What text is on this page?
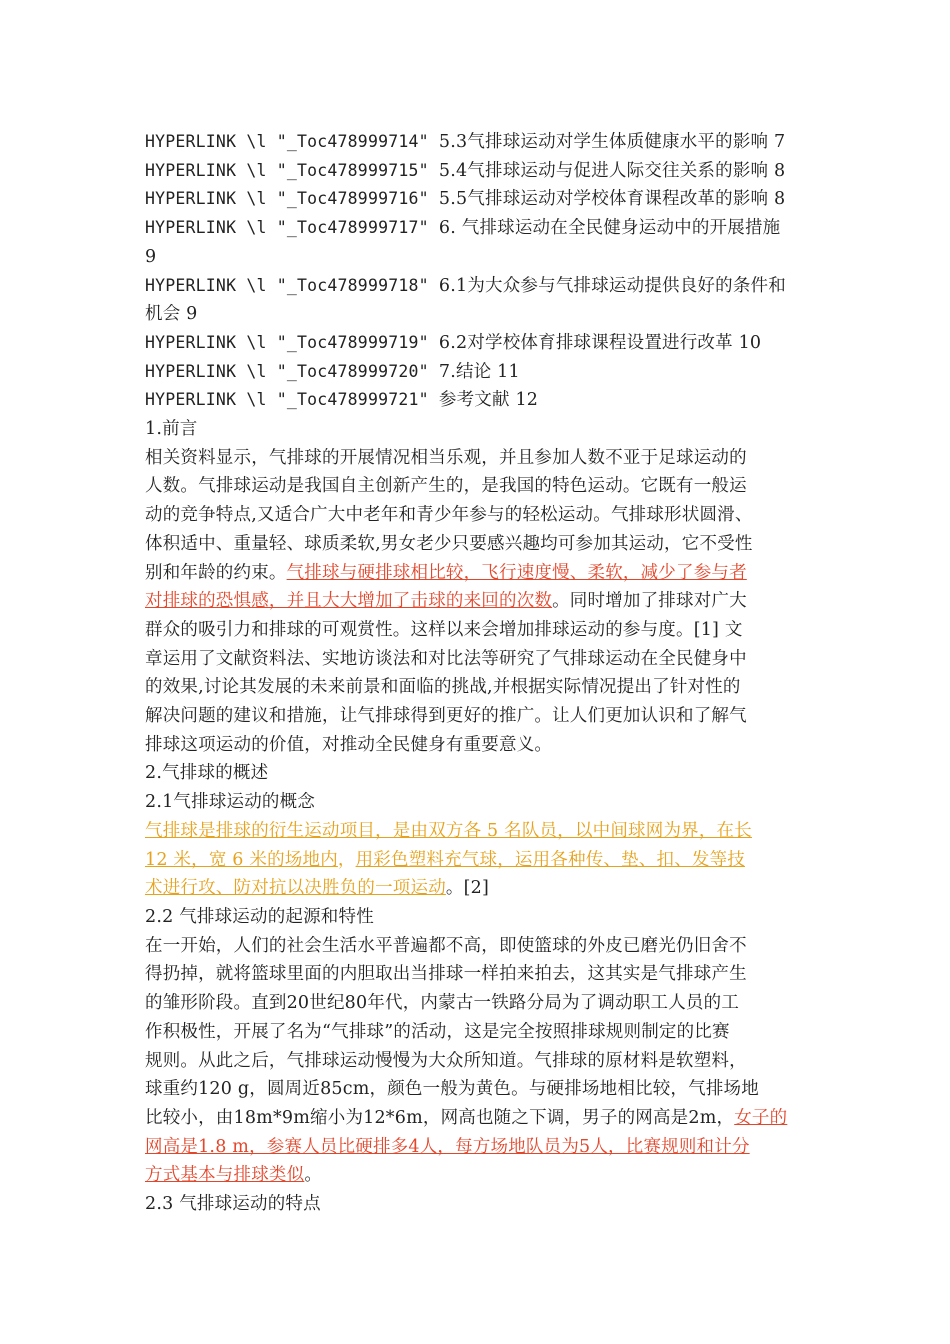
HYPERLINK \l "_Toc478999714" 5.3气排球运动对学生体质健康水平的影响 7
HYPERLINK \l "_Toc478999715" 5.4气排球运动与促进人际交往关系的影响 8
HYPERLINK \l "_Toc478999716" 5.5气排球运动对学校体育课程改革的影响 8
HYPERLINK \l "_Toc478999717" 6. 气排球运动在全民健身运动中的开展措施
9
HYPERLINK \l "_Toc478999718" 6.1为大众参与气排球运动提供良好的条件和
机会 9
HYPERLINK \l "_Toc478999719" 6.2对学校体育排球课程设置进行改革 10
HYPERLINK \l "_Toc478999720" 7.结论 11
HYPERLINK \l "_Toc478999721" 参考文献 12
1.前言
相关资料显示，气排球的开展情况相当乐观，并且参加人数不亚于足球运动的
人数。气排球运动是我国自主创新产生的，是我国的特色运动。它既有一般运
动的竞争特点,又适合广大中老年和青少年参与的轻松运动。气排球形状圆滑、
体积适中、重量轻、球质柔软,男女老少只要感兴趣均可参加其运动，它不受性
别和年龄的约束。气排球与硬排球相比较，飞行速度慢、柔软，减少了参与者
对排球的恐惧感，并且大大增加了击球的来回的次数。同时增加了排球对广大
群众的吸引力和排球的可观赏性。这样以来会增加排球运动的参与度。[1] 文
章运用了文献资料法、实地访谈法和对比法等研究了气排球运动在全民健身中
的效果,讨论其发展的未来前景和面临的挑战,并根据实际情况提出了针对性的
解决问题的建议和措施，让气排球得到更好的推广。让人们更加认识和了解气
排球这项运动的价值，对推动全民健身有重要意义。
2.气排球的概述
2.1气排球运动的概念
气排球是排球的衍生运动项目，是由双方各 5 名队员，以中间球网为界，在长
12 米，宽 6 米的场地内，用彩色塑料充气球，运用各种传、垫、扣、发等技
术进行攻、防对抗以决胜负的一项运动。[2]
2.2 气排球运动的起源和特性
在一开始，人们的社会生活水平普遍都不高，即使篮球的外皮已磨光仍旧舍不
得扔掉，就将篮球里面的内胆取出当排球一样拍来拍去，这其实是气排球产生
的雏形阶段。直到20世纪80年代，内蒙古一铁路分局为了调动职工人员的工
作积极性，开展了名为“气排球”的活动，这是完全按照排球规则制定的比赛
规则。从此之后，气排球运动慢慢为大众所知道。气排球的原材料是软塑料，
球重约120 g，圆周近85cm，颜色一般为黄色。与硬排场地相比较，气排场地
比较小，由18m*9m缩小为12*6m，网高也随之下调，男子的网高是2m，女子的
网高是1.8 m，参赛人员比硬排多4人，每方场地队员为5人，比赛规则和计分
方式基本与排球类似。
2.3 气排球运动的特点
